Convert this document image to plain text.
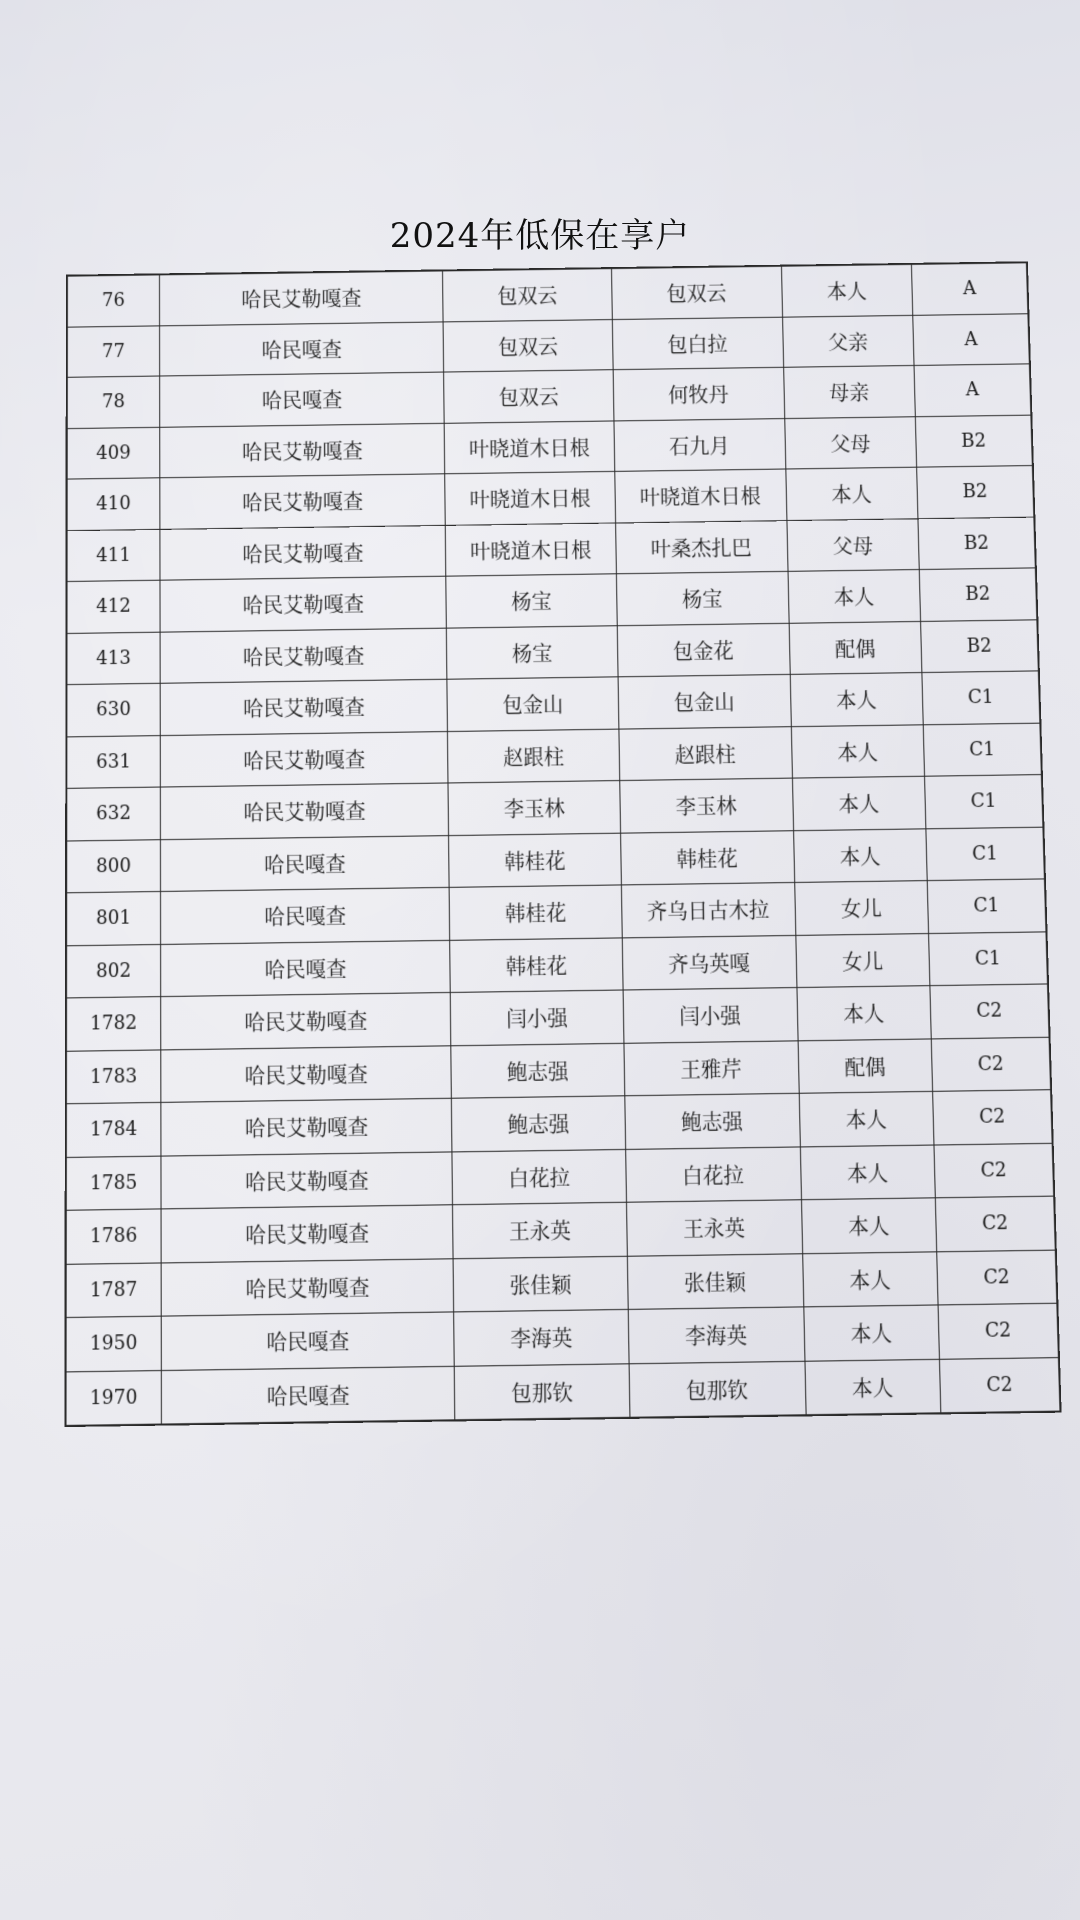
2024年低保在享户
76	哈民艾勒嘎查	包双云	包双云	本人	A
77	哈民嘎查	包双云	包白拉	父亲	A
78	哈民嘎查	包双云	何牧丹	母亲	A
409	哈民艾勒嘎查	叶晓道木日根	石九月	父母	B2
410	哈民艾勒嘎查	叶晓道木日根	叶晓道木日根	本人	B2
411	哈民艾勒嘎查	叶晓道木日根	叶桑杰扎巴	父母	B2
412	哈民艾勒嘎查	杨宝	杨宝	本人	B2
413	哈民艾勒嘎查	杨宝	包金花	配偶	B2
630	哈民艾勒嘎查	包金山	包金山	本人	C1
631	哈民艾勒嘎查	赵跟柱	赵跟柱	本人	C1
632	哈民艾勒嘎查	李玉林	李玉林	本人	C1
800	哈民嘎查	韩桂花	韩桂花	本人	C1
801	哈民嘎查	韩桂花	齐乌日古木拉	女儿	C1
802	哈民嘎查	韩桂花	齐乌英嘎	女儿	C1
1782	哈民艾勒嘎查	闫小强	闫小强	本人	C2
1783	哈民艾勒嘎查	鲍志强	王雅芹	配偶	C2
1784	哈民艾勒嘎查	鲍志强	鲍志强	本人	C2
1785	哈民艾勒嘎查	白花拉	白花拉	本人	C2
1786	哈民艾勒嘎查	王永英	王永英	本人	C2
1787	哈民艾勒嘎查	张佳颖	张佳颖	本人	C2
1950	哈民嘎查	李海英	李海英	本人	C2
1970	哈民嘎查	包那钦	包那钦	本人	C2
